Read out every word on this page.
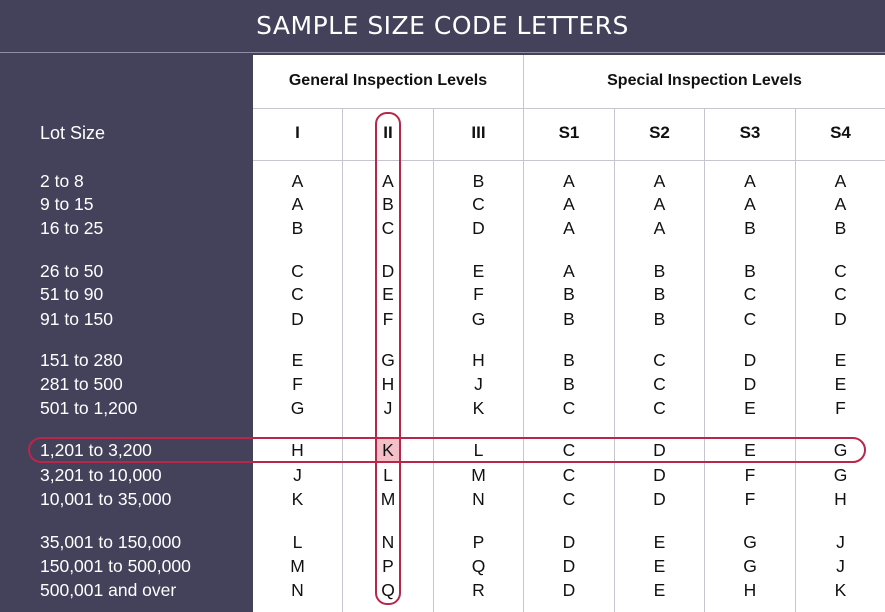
SAMPLE SIZE CODE LETTERS
General Inspection Levels	Special Inspection Levels
Lot Size	I	II	III	S1	S2	S3	S4
2 to 8	A	A	B	A	A	A	A
9 to 15	A	B	C	A	A	A	A
16 to 25	B	C	D	A	A	B	B
26 to 50	C	D	E	A	B	B	C
51 to 90	C	E	F	B	B	C	C
91 to 150	D	F	G	B	B	C	D
151 to 280	E	G	H	B	C	D	E
281 to 500	F	H	J	B	C	D	E
501 to 1,200	G	J	K	C	C	E	F
1,201 to 3,200	H	K	L	C	D	E	G
3,201 to 10,000	J	L	M	C	D	F	G
10,001 to 35,000	K	M	N	C	D	F	H
35,001 to 150,000	L	N	P	D	E	G	J
150,001 to 500,000	M	P	Q	D	E	G	J
500,001 and over	N	Q	R	D	E	H	K
